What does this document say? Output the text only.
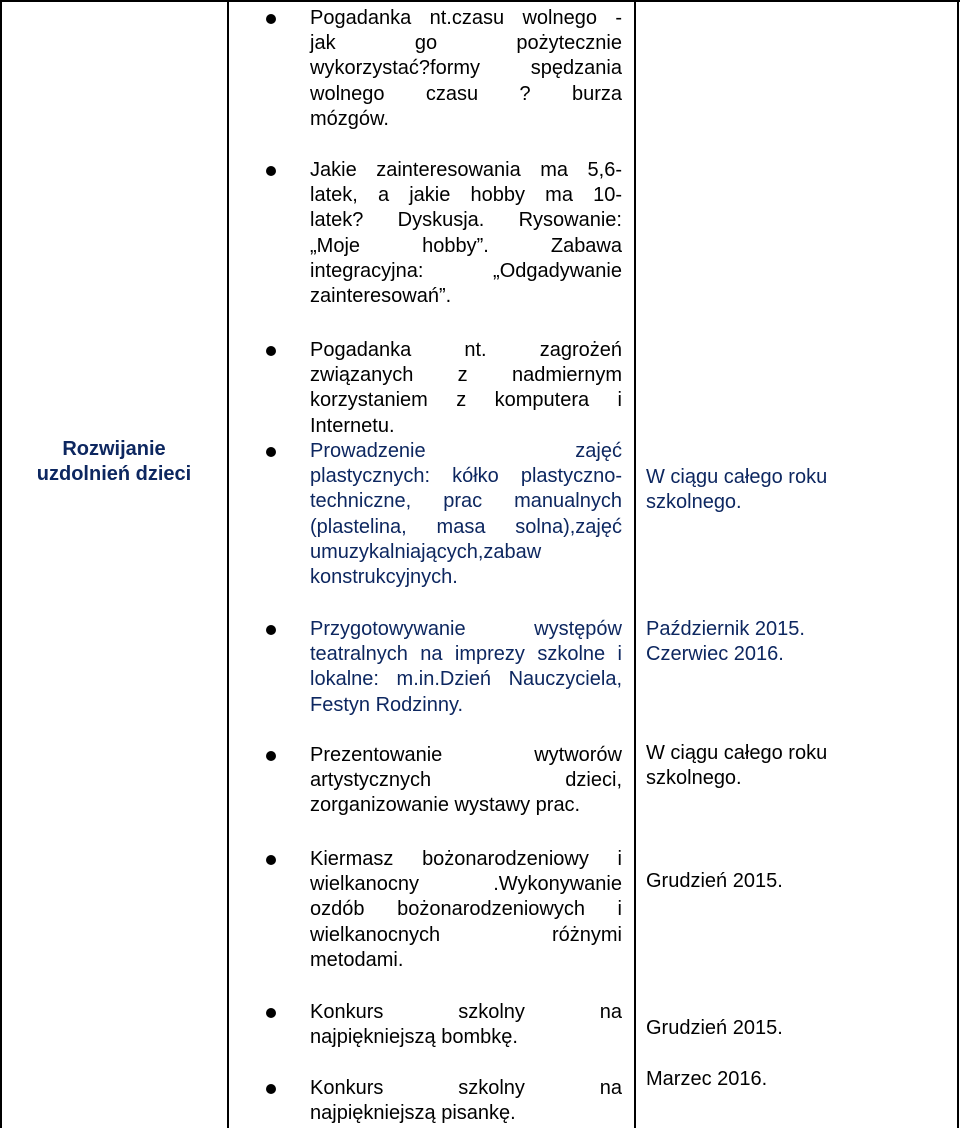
Rozwijanie
uzdolnień dzieci
Pogadanka nt.czasu wolnego -
jak go pożytecznie
wykorzystać?formy spędzania
wolnego czasu ? burza
mózgów.
Jakie zainteresowania ma 5,6-
latek, a jakie hobby ma 10-
latek? Dyskusja. Rysowanie:
„Moje hobby”. Zabawa
integracyjna: „Odgadywanie
zainteresowań”.
Pogadanka nt. zagrożeń
związanych z nadmiernym
korzystaniem z komputera i
Internetu.
Prowadzenie zajęć
plastycznych: kółko plastyczno-
techniczne, prac manualnych
(plastelina, masa solna),zajęć
umuzykalniających,zabaw
konstrukcyjnych.
Przygotowywanie występów
teatralnych na imprezy szkolne i
lokalne: m.in.Dzień Nauczyciela,
Festyn Rodzinny.
Prezentowanie wytworów
artystycznych dzieci,
zorganizowanie wystawy prac.
Kiermasz bożonarodzeniowy i
wielkanocny .Wykonywanie
ozdób bożonarodzeniowych i
wielkanocnych różnymi
metodami.
Konkurs szkolny na
najpiękniejszą bombkę.
Konkurs szkolny na
najpiękniejszą pisankę.
W ciągu całego roku
szkolnego.
Październik 2015.
Czerwiec 2016.
W ciągu całego roku
szkolnego.
Grudzień 2015.
Grudzień 2015.
Marzec 2016.
